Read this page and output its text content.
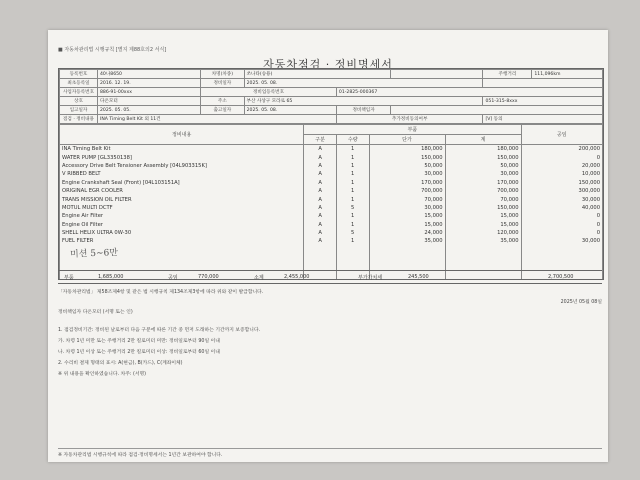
■ 자동차관리법 시행규칙 [별지 제88호의2 서식]
자동차점검 · 정비명세서
등록번호	40나8650	차명(차종)	쏘나타(승용)			주행거리	111,096km
최초등록일	2016. 12. 19.	정비일자	2025. 05. 08.				
사업자등록번호	886-91-00xxx	정비업등록번호		01-2825-000367			
상호	다온모터	주소	부산 사상구 모라로 65			051-315-8xxx	
입고일자	2025. 05. 05.	출고일자	2025. 05. 08.	정비책임자			
점검 · 정비내용	INA Timing Belt Kit 외 11건			추가정비동의여부		[V] 동의	
정비내용	부품				공임
	구분	수량	단가	계	
INA Timing Belt Kit	A	1	180,000	180,000	200,000
WATER PUMP [GL3350138]	A	1	150,000	150,000	0
Accessory Drive Belt Tensioner Assembly [04L903315K]	A	1	50,000	50,000	20,000
V RIBBED BELT	A	1	30,000	30,000	10,000
Engine Crankshaft Seal (Front) [04L103151A]	A	1	170,000	170,000	150,000
ORIGINAL EGR COOLER	A	1	700,000	700,000	300,000
TRANS MISSION OIL FILTER	A	1	70,000	70,000	30,000
MOTUL MULTI DCTF	A	5	30,000	150,000	40,000
Engine Air Filter	A	1	15,000	15,000	0
Engine Oil Filter	A	1	15,000	15,000	0
SHELL HELIX ULTRA 0W-30	A	5	24,000	120,000	0
FUEL FILTER	A	1	35,000	35,000	30,000

미션 5~6만
부품	1,685,000	공임	770,000	소계	2,455,000	부가가치세	245,500	2,700,500
「자동차관리법」 제58조제4항 및 같은 법 시행규칙 제134조제3항에 따라 위와 같이 발급합니다.
2025년 05월 08일
정비책임자 다온모터 (서명 또는 인)
1. 점검정비기간: 정비된 날로부터 다음 구분에 따른 기간 중 먼저 도래하는 기간까지 보증합니다.
가. 차령 1년 미만 또는 주행거리 2만 킬로미터 미만: 정비일로부터 90일 이내
나. 차령 1년 이상 또는 주행거리 2만 킬로미터 이상: 정비일로부터 60일 이내
2. 수리비 결제 형태의 표시: A(현금), B(카드), C(계좌이체)
※ 위 내용을 확인하였습니다. 차주: (서명)
※ 자동차관리법 시행규칙에 따라 점검·정비명세서는 1년간 보관하여야 합니다.
